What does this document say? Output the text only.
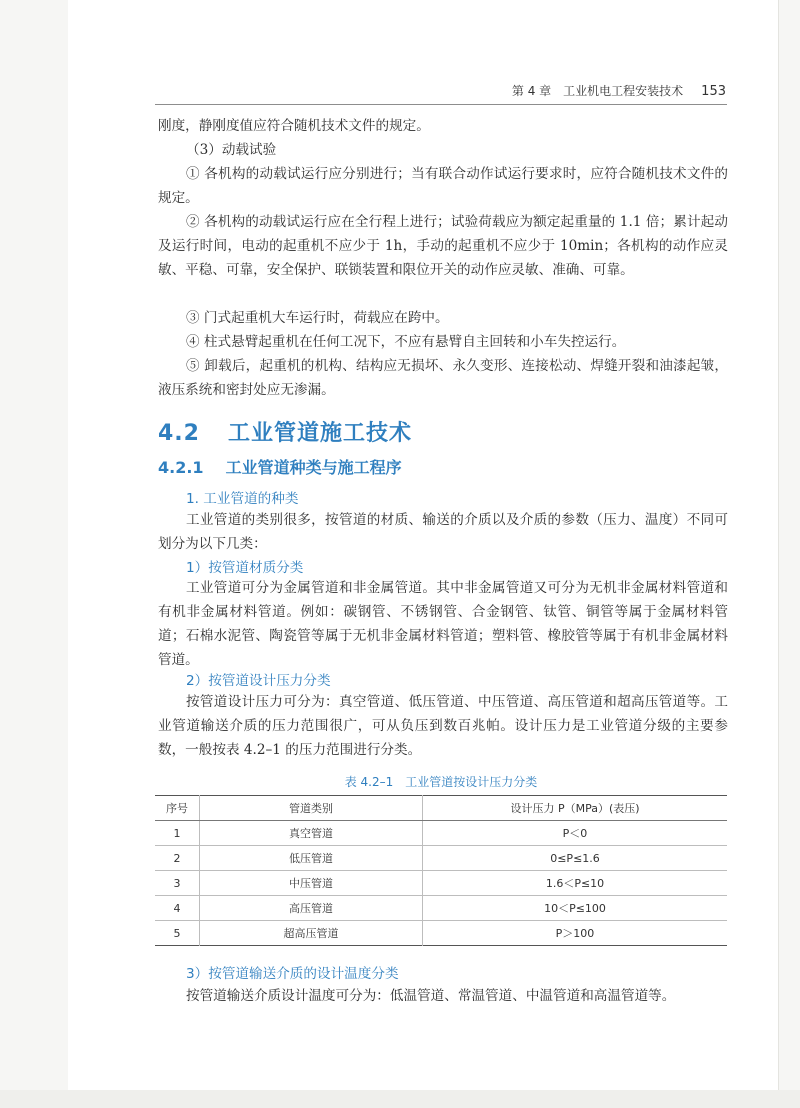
第 4 章　工业机电工程安装技术 153

刚度，静刚度值应符合随机技术文件的规定。

（3）动载试验

① 各机构的动载试运行应分别进行；当有联合动作试运行要求时，应符合随机技术文件的规定。

② 各机构的动载试运行应在全行程上进行；试验荷载应为额定起重量的 1.1 倍；累计起动及运行时间，电动的起重机不应少于 1h，手动的起重机不应少于 10min；各机构的动作应灵敏、平稳、可靠，安全保护、联锁装置和限位开关的动作应灵敏、准确、可靠。

③ 门式起重机大车运行时，荷载应在跨中。

④ 柱式悬臂起重机在任何工况下，不应有悬臂自主回转和小车失控运行。

⑤ 卸载后，起重机的机构、结构应无损坏、永久变形、连接松动、焊缝开裂和油漆起皱，液压系统和密封处应无渗漏。

4.2 工业管道施工技术
4.2.1 工业管道种类与施工程序
1. 工业管道的种类

工业管道的类别很多，按管道的材质、输送的介质以及介质的参数（压力、温度）不同可划分为以下几类：

1）按管道材质分类

工业管道可分为金属管道和非金属管道。其中非金属管道又可分为无机非金属材料管道和有机非金属材料管道。例如：碳钢管、不锈钢管、合金钢管、钛管、铜管等属于金属材料管道；石棉水泥管、陶瓷管等属于无机非金属材料管道；塑料管、橡胶管等属于有机非金属材料管道。

2）按管道设计压力分类

按管道设计压力可分为：真空管道、低压管道、中压管道、高压管道和超高压管道等。工业管道输送介质的压力范围很广，可从负压到数百兆帕。设计压力是工业管道分级的主要参数，一般按表 4.2–1 的压力范围进行分类。

表 4.2–1　工业管道按设计压力分类
序号	管道类别	设计压力 P（MPa）(表压)
1	真空管道	P＜0
2	低压管道	0≤P≤1.6
3	中压管道	1.6＜P≤10
4	高压管道	10＜P≤100
5	超高压管道	P＞100
3）按管道输送介质的设计温度分类

按管道输送介质设计温度可分为：低温管道、常温管道、中温管道和高温管道等。
